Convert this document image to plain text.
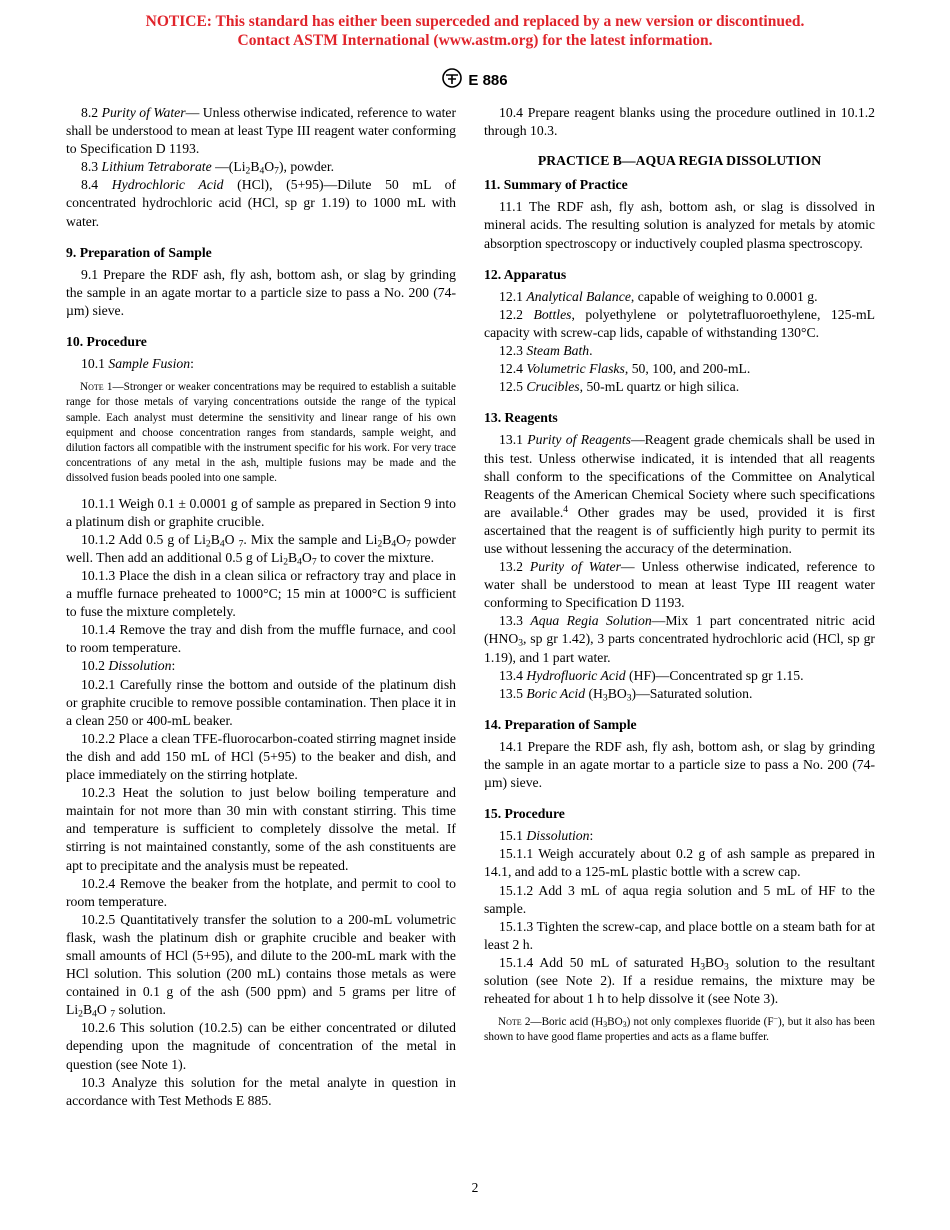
NOTICE: This standard has either been superceded and replaced by a new version or discontinued.
Contact ASTM International (www.astm.org) for the latest information.
E 886

8.2 Purity of Water— Unless otherwise indicated, reference to water shall be understood to mean at least Type III reagent water conforming to Specification D 1193.

8.3 Lithium Tetraborate $—(Li_2B_4O_7)$, powder.

8.4 Hydrochloric Acid (HCl), (5+95)—Dilute 50 mL of concentrated hydrochloric acid (HCl, sp gr 1.19) to 1000 mL with water.

9. Preparation of Sample

9.1 Prepare the RDF ash, fly ash, bottom ash, or slag by grinding the sample in an agate mortar to a particle size to pass a No. 200 (74-µm) sieve.

10. Procedure

10.1 Sample Fusion:

Note 1—Stronger or weaker concentrations may be required to establish a suitable range for those metals of varying concentrations outside the range of the typical sample. Each analyst must determine the sensitivity and linear range of his own equipment and choose concentration ranges from standards, sample weight, and dilution factors all compatible with the instrument specific for his work. For very trace concentrations of any metal in the ash, multiple fusions may be made and the dissolved fusion beads pooled into one sample.

10.1.1 Weigh 0.1 ± 0.0001 g of sample as prepared in Section 9 into a platinum dish or graphite crucible.

10.1.2 Add 0.5 g of $Li_2B_4O$ $_7$. Mix the sample and $Li_2B_4O_7$ powder well. Then add an additional 0.5 g of $Li_2B_4O_7$ to cover the mixture.

10.1.3 Place the dish in a clean silica or refractory tray and place in a muffle furnace preheated to 1000°C; 15 min at 1000°C is sufficient to fuse the mixture completely.

10.1.4 Remove the tray and dish from the muffle furnace, and cool to room temperature.

10.2 Dissolution:

10.2.1 Carefully rinse the bottom and outside of the platinum dish or graphite crucible to remove possible contamination. Then place it in a clean 250 or 400-mL beaker.

10.2.2 Place a clean TFE-fluorocarbon-coated stirring magnet inside the dish and add 150 mL of HCl (5+95) to the beaker and dish, and place immediately on the stirring hotplate.

10.2.3 Heat the solution to just below boiling temperature and maintain for not more than 30 min with constant stirring. This time and temperature is sufficient to completely dissolve the metal. If stirring is not maintained constantly, some of the ash constituents are apt to precipitate and the analysis must be repeated.

10.2.4 Remove the beaker from the hotplate, and permit to cool to room temperature.

10.2.5 Quantitatively transfer the solution to a 200-mL volumetric flask, wash the platinum dish or graphite crucible and beaker with small amounts of HCl (5+95), and dilute to the 200-mL mark with the HCl solution. This solution (200 mL) contains those metals as were contained in 0.1 g of the ash (500 ppm) and 5 grams per litre of $Li_2B_4O$ $_7$ solution.

10.2.6 This solution (10.2.5) can be either concentrated or diluted depending upon the magnitude of concentration of the metal in question (see Note 1).

10.3 Analyze this solution for the metal analyte in question in accordance with Test Methods E 885.

10.4 Prepare reagent blanks using the procedure outlined in 10.1.2 through 10.3.

PRACTICE B—AQUA REGIA DISSOLUTION

11. Summary of Practice

11.1 The RDF ash, fly ash, bottom ash, or slag is dissolved in mineral acids. The resulting solution is analyzed for metals by atomic absorption spectroscopy or inductively coupled plasma spectroscopy.

12. Apparatus

12.1 Analytical Balance, capable of weighing to 0.0001 g.

12.2 Bottles, polyethylene or polytetrafluoroethylene, 125-mL capacity with screw-cap lids, capable of withstanding 130°C.

12.3 Steam Bath.

12.4 Volumetric Flasks, 50, 100, and 200-mL.

12.5 Crucibles, 50-mL quartz or high silica.

13. Reagents

13.1 Purity of Reagents—Reagent grade chemicals shall be used in this test. Unless otherwise indicated, it is intended that all reagents shall conform to the specifications of the Committee on Analytical Reagents of the American Chemical Society where such specifications are available.$^4$ Other grades may be used, provided it is first ascertained that the reagent is of sufficiently high purity to permit its use without lessening the accuracy of the determination.

13.2 Purity of Water— Unless otherwise indicated, reference to water shall be understood to mean at least Type III reagent water conforming to Specification D 1193.

13.3 Aqua Regia Solution—Mix 1 part concentrated nitric acid ($HNO_3$, sp gr 1.42), 3 parts concentrated hydrochloric acid (HCl, sp gr 1.19), and 1 part water.

13.4 Hydrofluoric Acid (HF)—Concentrated sp gr 1.15.

13.5 Boric Acid $(H_3BO_3)—Saturated$ solution.

14. Preparation of Sample

14.1 Prepare the RDF ash, fly ash, bottom ash, or slag by grinding the sample in an agate mortar to a particle size to pass a No. 200 (74-µm) sieve.

15. Procedure

15.1 Dissolution:

15.1.1 Weigh accurately about 0.2 g of ash sample as prepared in 14.1, and add to a 125-mL plastic bottle with a screw cap.

15.1.2 Add 3 mL of aqua regia solution and 5 mL of HF to the sample.

15.1.3 Tighten the screw-cap, and place bottle on a steam bath for at least 2 h.

15.1.4 Add 50 mL of saturated $H_3BO_3$ solution to the resultant solution (see Note 2). If a residue remains, the mixture may be reheated for about 1 h to help dissolve it (see Note 3).

Note 2—Boric acid $(H_3BO_3)$ not only complexes fluoride (F−), but it also has been shown to have good flame properties and acts as a flame buffer.

2
